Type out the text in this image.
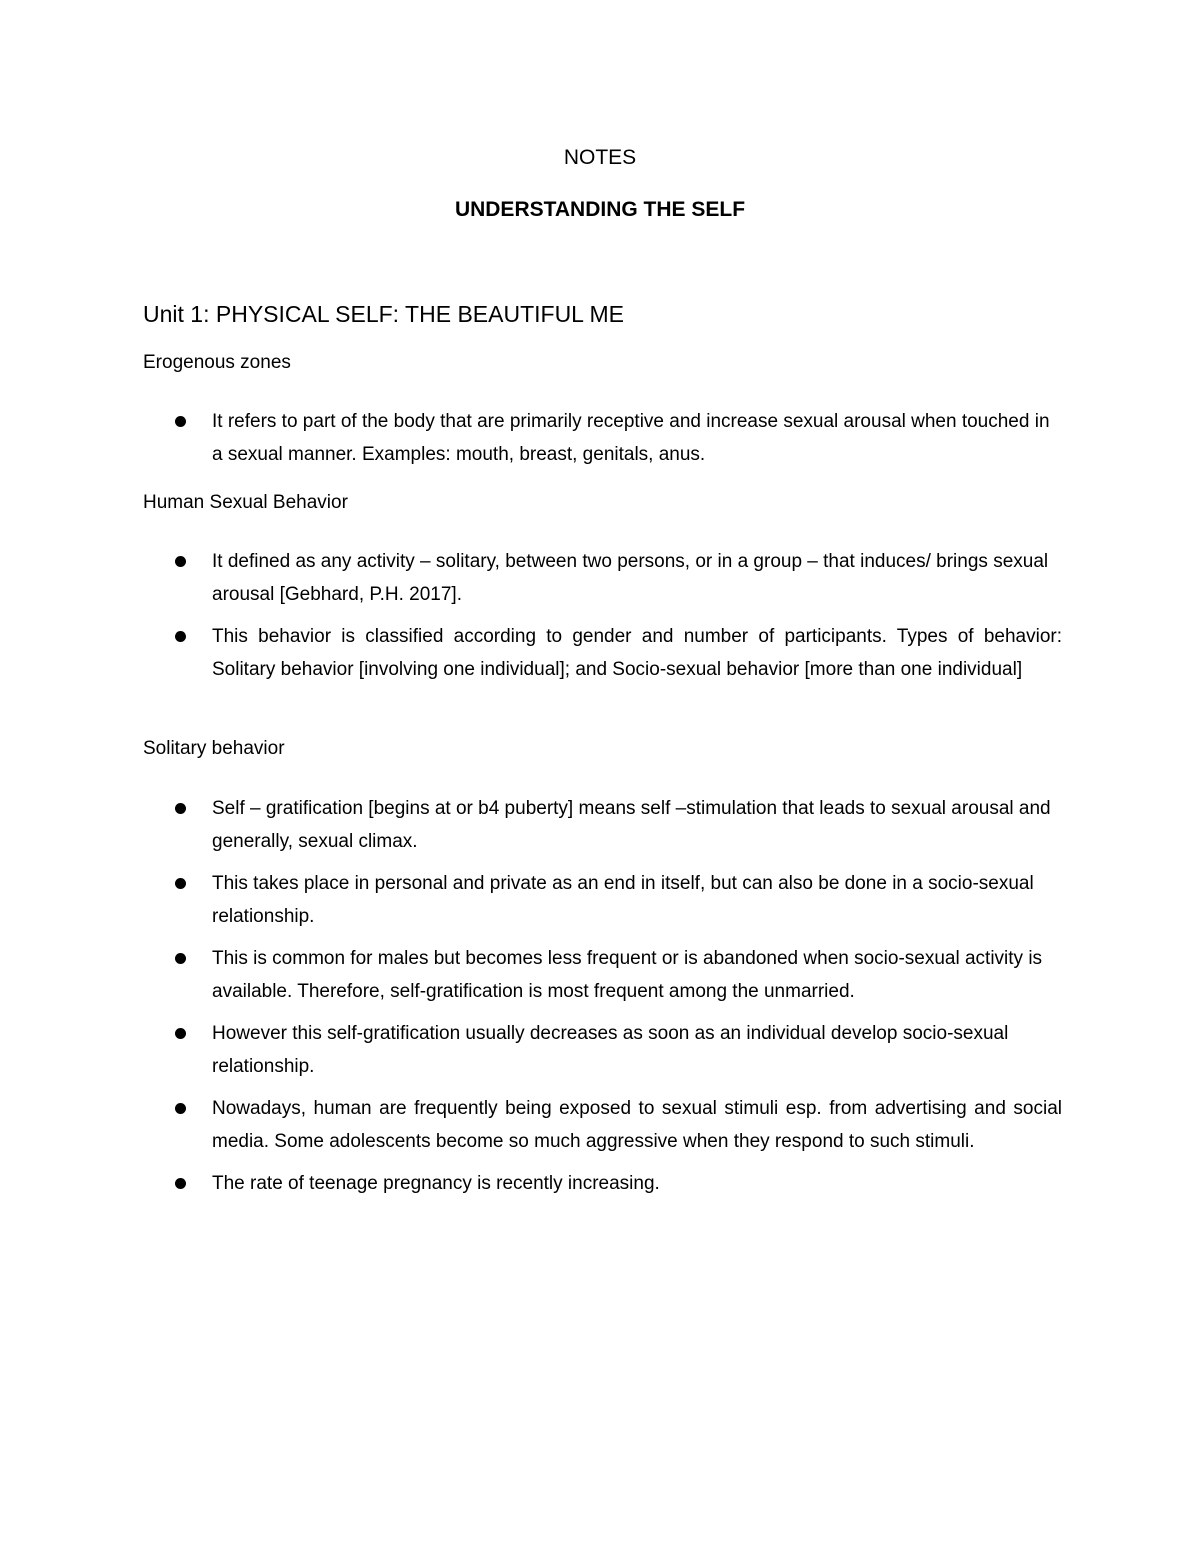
NOTES
UNDERSTANDING THE SELF
Unit 1: PHYSICAL SELF: THE BEAUTIFUL ME
Erogenous zones
It refers to part of the body that are primarily receptive and increase sexual arousal when touched in a sexual manner. Examples: mouth, breast, genitals, anus.
Human Sexual Behavior
It defined as any activity – solitary, between two persons, or in a group – that induces/ brings sexual arousal [Gebhard, P.H. 2017].
This behavior is classified according to gender and number of participants. Types of behavior: Solitary behavior [involving one individual]; and Socio-sexual behavior [more than one individual]
Solitary behavior
Self – gratification [begins at or b4 puberty] means self –stimulation that leads to sexual arousal and generally, sexual climax.
This takes place in personal and private as an end in itself, but can also be done in a socio-sexual relationship.
This is common for males but becomes less frequent or is abandoned when socio-sexual activity is available. Therefore, self-gratification is most frequent among the unmarried.
However this self-gratification usually decreases as soon as an individual develop socio-sexual relationship.
Nowadays, human are frequently being exposed to sexual stimuli esp. from advertising and social media. Some adolescents become so much aggressive when they respond to such stimuli.
The rate of teenage pregnancy is recently increasing.
